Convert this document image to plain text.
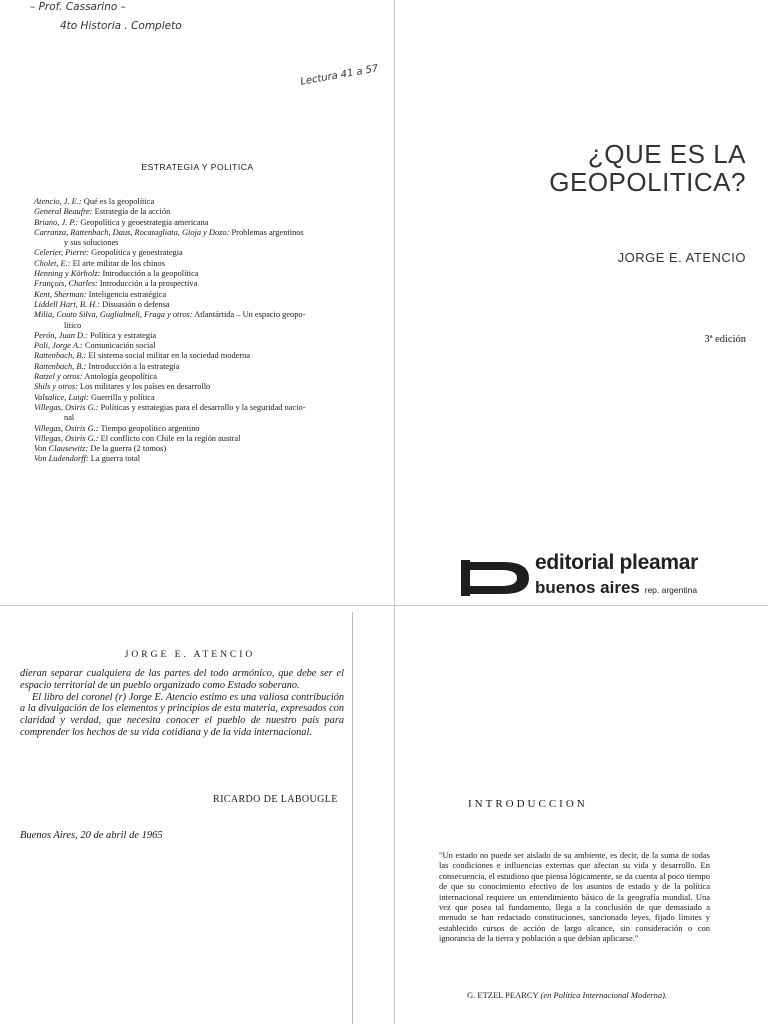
– Prof. Cassarino –
4to Historia . Completo
Lectura 41 a 57
ESTRATEGIA Y POLITICA
Atencio, J. E.: Qué es la geopolítica
General Beaufre: Estrategia de la acción
Briano, J. P.: Geopolítica y geoestrategia americana
Carranza, Rattenbach, Daus, Rocatagliata, Gioja y Dozo: Problemas argentinos
y sus soluciones
Celerier, Pierre: Geopolítica y geoestrategia
Cholet, E.: El arte militar de los chinos
Henning y Körholz: Introducción a la geopolítica
François, Charles: Introducción a la prospectiva
Kent, Sherman: Inteligencia estratégica
Liddell Hart, B. H.: Disuasión o defensa
Milia, Couto Silva, Guglialmeli, Fraga y otros: Atlantártida – Un espacio geopo-
lítico
Perón, Juan D.: Política y estrategia
Poli, Jorge A.: Comunicación social
Rattenbach, B.: El sistema social militar en la sociedad moderna
Rattenbach, B.: Introducción a la estrategia
Ratzel y otros: Antología geopolítica
Shils y otros: Los militares y los países en desarrollo
Valsalice, Luigi: Guerrilla y política
Villegas, Osiris G.: Políticas y estrategias para el desarrollo y la seguridad nacio-
nal
Villegas, Osiris G.: Tiempo geopolítico argentino
Villegas, Osiris G.: El conflicto con Chile en la región austral
Von Clausewitz: De la guerra (2 tomos)
Von Ludendorff: La guerra total
¿QUE ES LA
GEOPOLITICA?
JORGE E. ATENCIO
3ª edición
editorial pleamar
buenos aires rep. argentina
JORGE E. ATENCIO

dieran separar cualquiera de las partes del todo armónico, que debe ser el espacio territorial de un pueblo organizado como Estado soberano.

El libro del coronel (r) Jorge E. Atencio estimo es una valiosa contribución a la divulgación de los elementos y principios de esta materia, expresados con claridad y verdad, que necesita conocer el pueblo de nuestro país para comprender los hechos de su vida cotidiana y de la vida internacional.

RICARDO DE LABOUGLE
Buenos Aires, 20 de abril de 1965
INTRODUCCION

"Un estado no puede ser aislado de su ambiente, es decir, de la suma de todas las condiciones e influencias externas que afectan su vida y desarrollo. En consecuencia, el estudioso que piensa lógicamente, se da cuenta al poco tiempo de que su conocimiento efectivo de los asuntos de estado y de la política internacional requiere un entendimiento básico de la geografía mundial. Una vez que posea tal fundamento, llega a la conclusión de que demasiado a menudo se han redactado constituciones, sancionado leyes, fijado límites y establecido cursos de acción de largo alcance, sin consideración o con ignorancia de la tierra y población a que debían aplicarse."

G. ETZEL PEARCY (en Política Internacional Moderna).
